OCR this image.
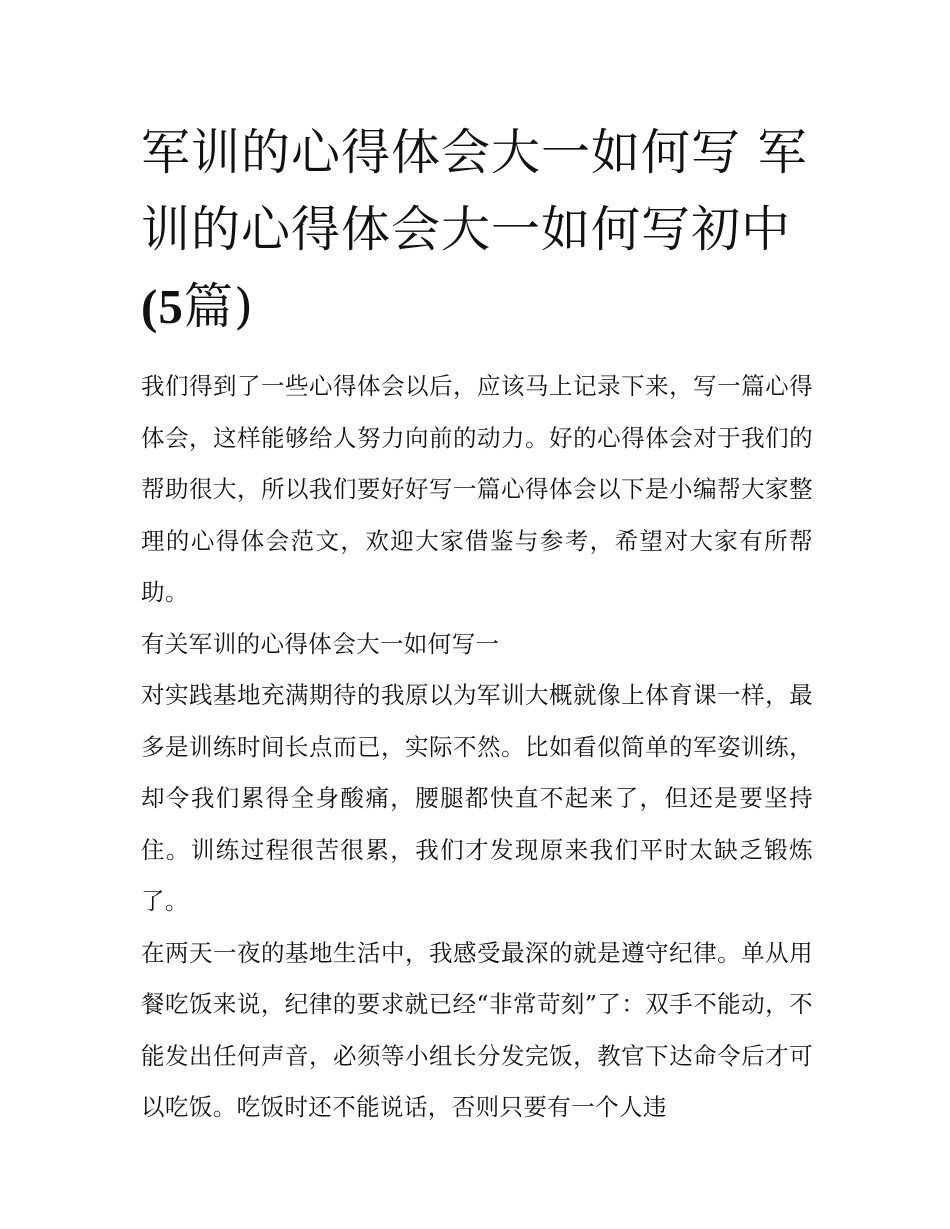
军训的心得体会大一如何写 军训的心得体会大一如何写初中
(5篇)

我们得到了一些心得体会以后，应该马上记录下来，写一篇心得体会，这样能够给人努力向前的动力。好的心得体会对于我们的帮助很大，所以我们要好好写一篇心得体会以下是小编帮大家整理的心得体会范文，欢迎大家借鉴与参考，希望对大家有所帮助。

有关军训的心得体会大一如何写一

对实践基地充满期待的我原以为军训大概就像上体育课一样，最多是训练时间长点而已，实际不然。比如看似简单的军姿训练，却令我们累得全身酸痛，腰腿都快直不起来了，但还是要坚持住。训练过程很苦很累，我们才发现原来我们平时太缺乏锻炼了。

在两天一夜的基地生活中，我感受最深的就是遵守纪律。单从用餐吃饭来说，纪律的要求就已经“非常苛刻”了：双手不能动，不能发出任何声音，必须等小组长分发完饭，教官下达命令后才可以吃饭。吃饭时还不能说话，否则只要有一个人违
